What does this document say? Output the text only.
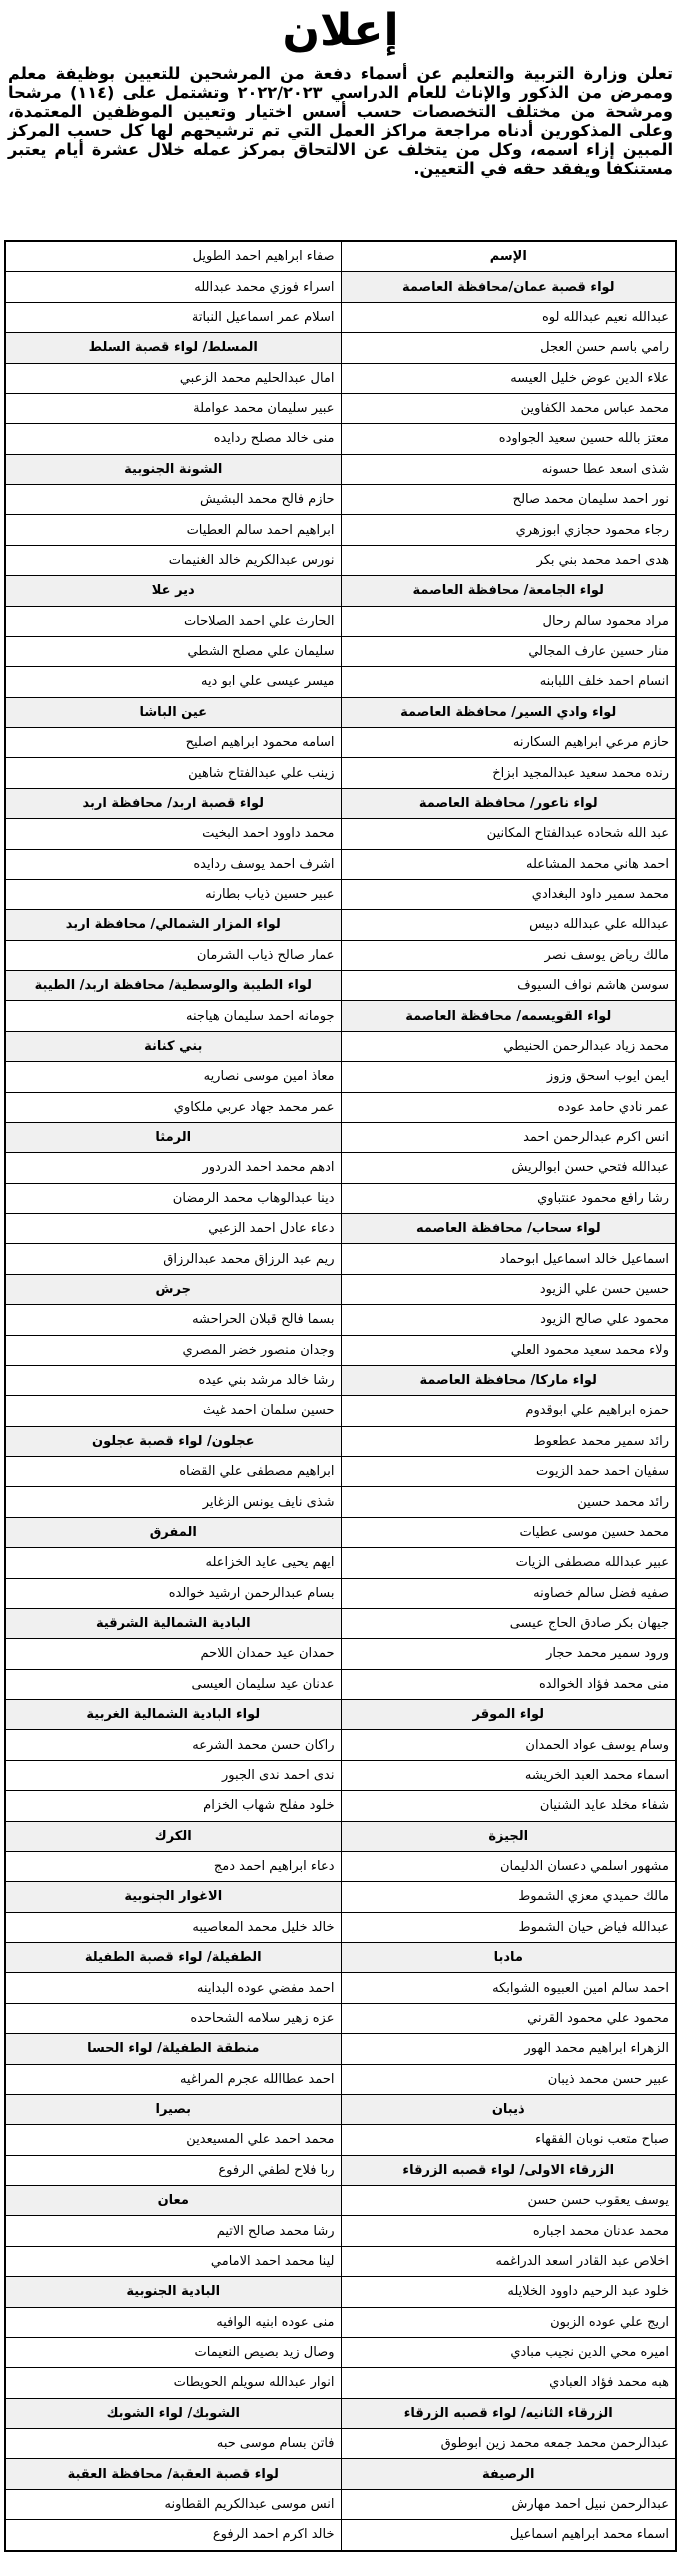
إعلان

تعلن وزارة التربية والتعليم عن أسماء دفعة من المرشحين للتعيين بوظيفة معلم وممرض من الذكور والإناث للعام الدراسي ٢٠٢٢/٢٠٢٣ وتشتمل على (١١٤) مرشحا ومرشحة من مختلف التخصصات حسب أسس اختيار وتعيين الموظفين المعتمدة، وعلى المذكورين أدناه مراجعة مراكز العمل التي تم ترشيحهم لها كل حسب المركز المبين إزاء اسمه، وكل من يتخلف عن الالتحاق بمركز عمله خلال عشرة أيام يعتبر مستنكفا ويفقد حقه في التعيين.

الإسم
لواء قصبة عمان/محافظة العاصمة
عبدالله نعيم عبدالله لوه
رامي باسم حسن العجل
علاء الدين عوض خليل العيسه
محمد عباس محمد الكفاوين
معتز بالله حسين سعيد الجواوده
شذى اسعد عطا حسونه
نور احمد سليمان محمد صالح
رجاء محمود حجازي ابوزهري
هدى احمد محمد بني بكر
لواء الجامعة/ محافظة العاصمة
مراد محمود سالم رحال
منار حسين عارف المجالي
انسام احمد خلف اللبابنه
لواء وادي السير/ محافظة العاصمة
حازم مرعي ابراهيم السكارنه
رنده محمد سعيد عبدالمجيد ابزاخ
لواء ناعور/ محافظة العاصمة
عبد الله شحاده عبدالفتاح المكانين
احمد هاني محمد المشاعله
محمد سمير داود البغدادي
عبدالله علي عبدالله دبيس
مالك رياض يوسف نصر
سوسن هاشم نواف السيوف
لواء القويسمه/ محافظة العاصمة
محمد زياد عبدالرحمن الحنيطي
ايمن ايوب اسحق وزوز
عمر نادي حامد عوده
انس اكرم عبدالرحمن احمد
عبدالله فتحي حسن ابوالريش
رشا رافع محمود عنتباوي
لواء سحاب/ محافظة العاصمه
اسماعيل خالد اسماعيل ابوحماد
حسين حسن علي الزيود
محمود علي صالح الزيود
ولاء محمد سعيد محمود العلي
لواء ماركا/ محافظة العاصمة
حمزه ابراهيم علي ابوقدوم
رائد سمير محمد عطعوط
سفيان احمد حمد الزيوت
رائد محمد حسين
محمد حسين موسى عطيات
عبير عبدالله مصطفى الزيات
صفيه فضل سالم خصاونه
جيهان بكر صادق الحاج عيسى
ورود سمير محمد حجار
منى محمد فؤاد الخوالده
لواء الموقر
وسام يوسف عواد الحمدان
اسماء محمد العبد الخريشه
شفاء مخلد عايد الشنيان
الجيزة
مشهور اسلمي دعسان الدليمان
مالك حميدي معزي الشموط
عبدالله فياض حيان الشموط
مادبا
احمد سالم امين العبيوه الشوابكه
محمود علي محمود القرني
الزهراء ابراهيم محمد الهور
عبير حسن محمد ذيبان
ذيبان
صباح متعب نوبان الفقهاء
الزرقاء الاولى/ لواء قصبه الزرقاء
يوسف يعقوب حسن حسن
محمد عدنان محمد اجباره
اخلاص عبد القادر اسعد الدراغمه
خلود عبد الرحيم داوود الخلايله
اريج علي عوده الزبون
اميره محي الدين نجيب مبادي
هبه محمد فؤاد العبادي
الزرقاء الثانيه/ لواء قصبه الزرقاء
عبدالرحمن محمد جمعه محمد زين ابوطوق
الرصيفة
عبدالرحمن نبيل احمد مهارش
اسماء محمد ابراهيم اسماعيل
صفاء ابراهيم احمد الطويل
اسراء فوزي محمد عبدالله
اسلام عمر اسماعيل النباتة
المسلط/ لواء قصبة السلط
امال عبدالحليم محمد الزعبي
عبير سليمان محمد عواملة
منى خالد مصلح ردايده
الشونة الجنوبية
حازم فالح محمد البشيش
ابراهيم احمد سالم العطيات
نورس عبدالكريم خالد الغنيمات
دير علا
الحارث علي احمد الصلاحات
سليمان علي مصلح الشطي
ميسر عيسى علي ابو ديه
عين الباشا
اسامه محمود ابراهيم اصليح
زينب علي عبدالفتاح شاهين
لواء قصبة اربد/ محافظة اربد
محمد داوود احمد البخيت
اشرف احمد يوسف ردايده
عبير حسين ذياب بطارنه
لواء المزار الشمالي/ محافظة اربد
عمار صالح ذياب الشرمان
لواء الطيبة والوسطية/ محافظة اربد/ الطيبة
جومانه احمد سليمان هياجنه
بني كنانة
معاذ امين موسى نصاريه
عمر محمد جهاد عربي ملكاوي
الرمثا
ادهم محمد احمد الدردور
دينا عبدالوهاب محمد الرمضان
دعاء عادل احمد الزعبي
ريم عبد الرزاق محمد عبدالرزاق
جرش
بسما فالح قبلان الحراحشه
وجدان منصور خضر المصري
رشا خالد مرشد بني عيده
حسين سلمان احمد غيث
عجلون/ لواء قصبة عجلون
ابراهيم مصطفى علي القضاه
شذى نايف يونس الزغاير
المفرق
ايهم يحيى عايد الخزاعله
بسام عبدالرحمن ارشيد خوالده
البادية الشمالية الشرقية
حمدان عيد حمدان اللاحم
عدنان عيد سليمان العيسى
لواء البادية الشمالية الغربية
راكان حسن محمد الشرعه
ندى احمد ندى الجبور
خلود مفلح شهاب الخزام
الكرك
دعاء ابراهيم احمد دمج
الاغوار الجنوبية
خالد خليل محمد المعاصيبه
الطفيلة/ لواء قصبة الطفيلة
احمد مفضي عوده البداينه
عزه زهير سلامه الشحاحده
منطقة الطفيلة/ لواء الحسا
احمد عطاالله عجرم المراغيه
بصيرا
محمد احمد علي المسيعدين
ربا فلاح لطفي الرفوع
معان
رشا محمد صالح الاتيم
لينا محمد احمد الامامي
البادية الجنوبية
منى عوده ابنيه الوافيه
وصال زيد بصيص النعيمات
انوار عبدالله سويلم الحويطات
الشوبك/ لواء الشوبك
فاتن بسام موسى حبه
لواء قصبة العقبة/ محافظة العقبة
انس موسى عبدالكريم القطاونه
خالد اكرم احمد الرفوع
